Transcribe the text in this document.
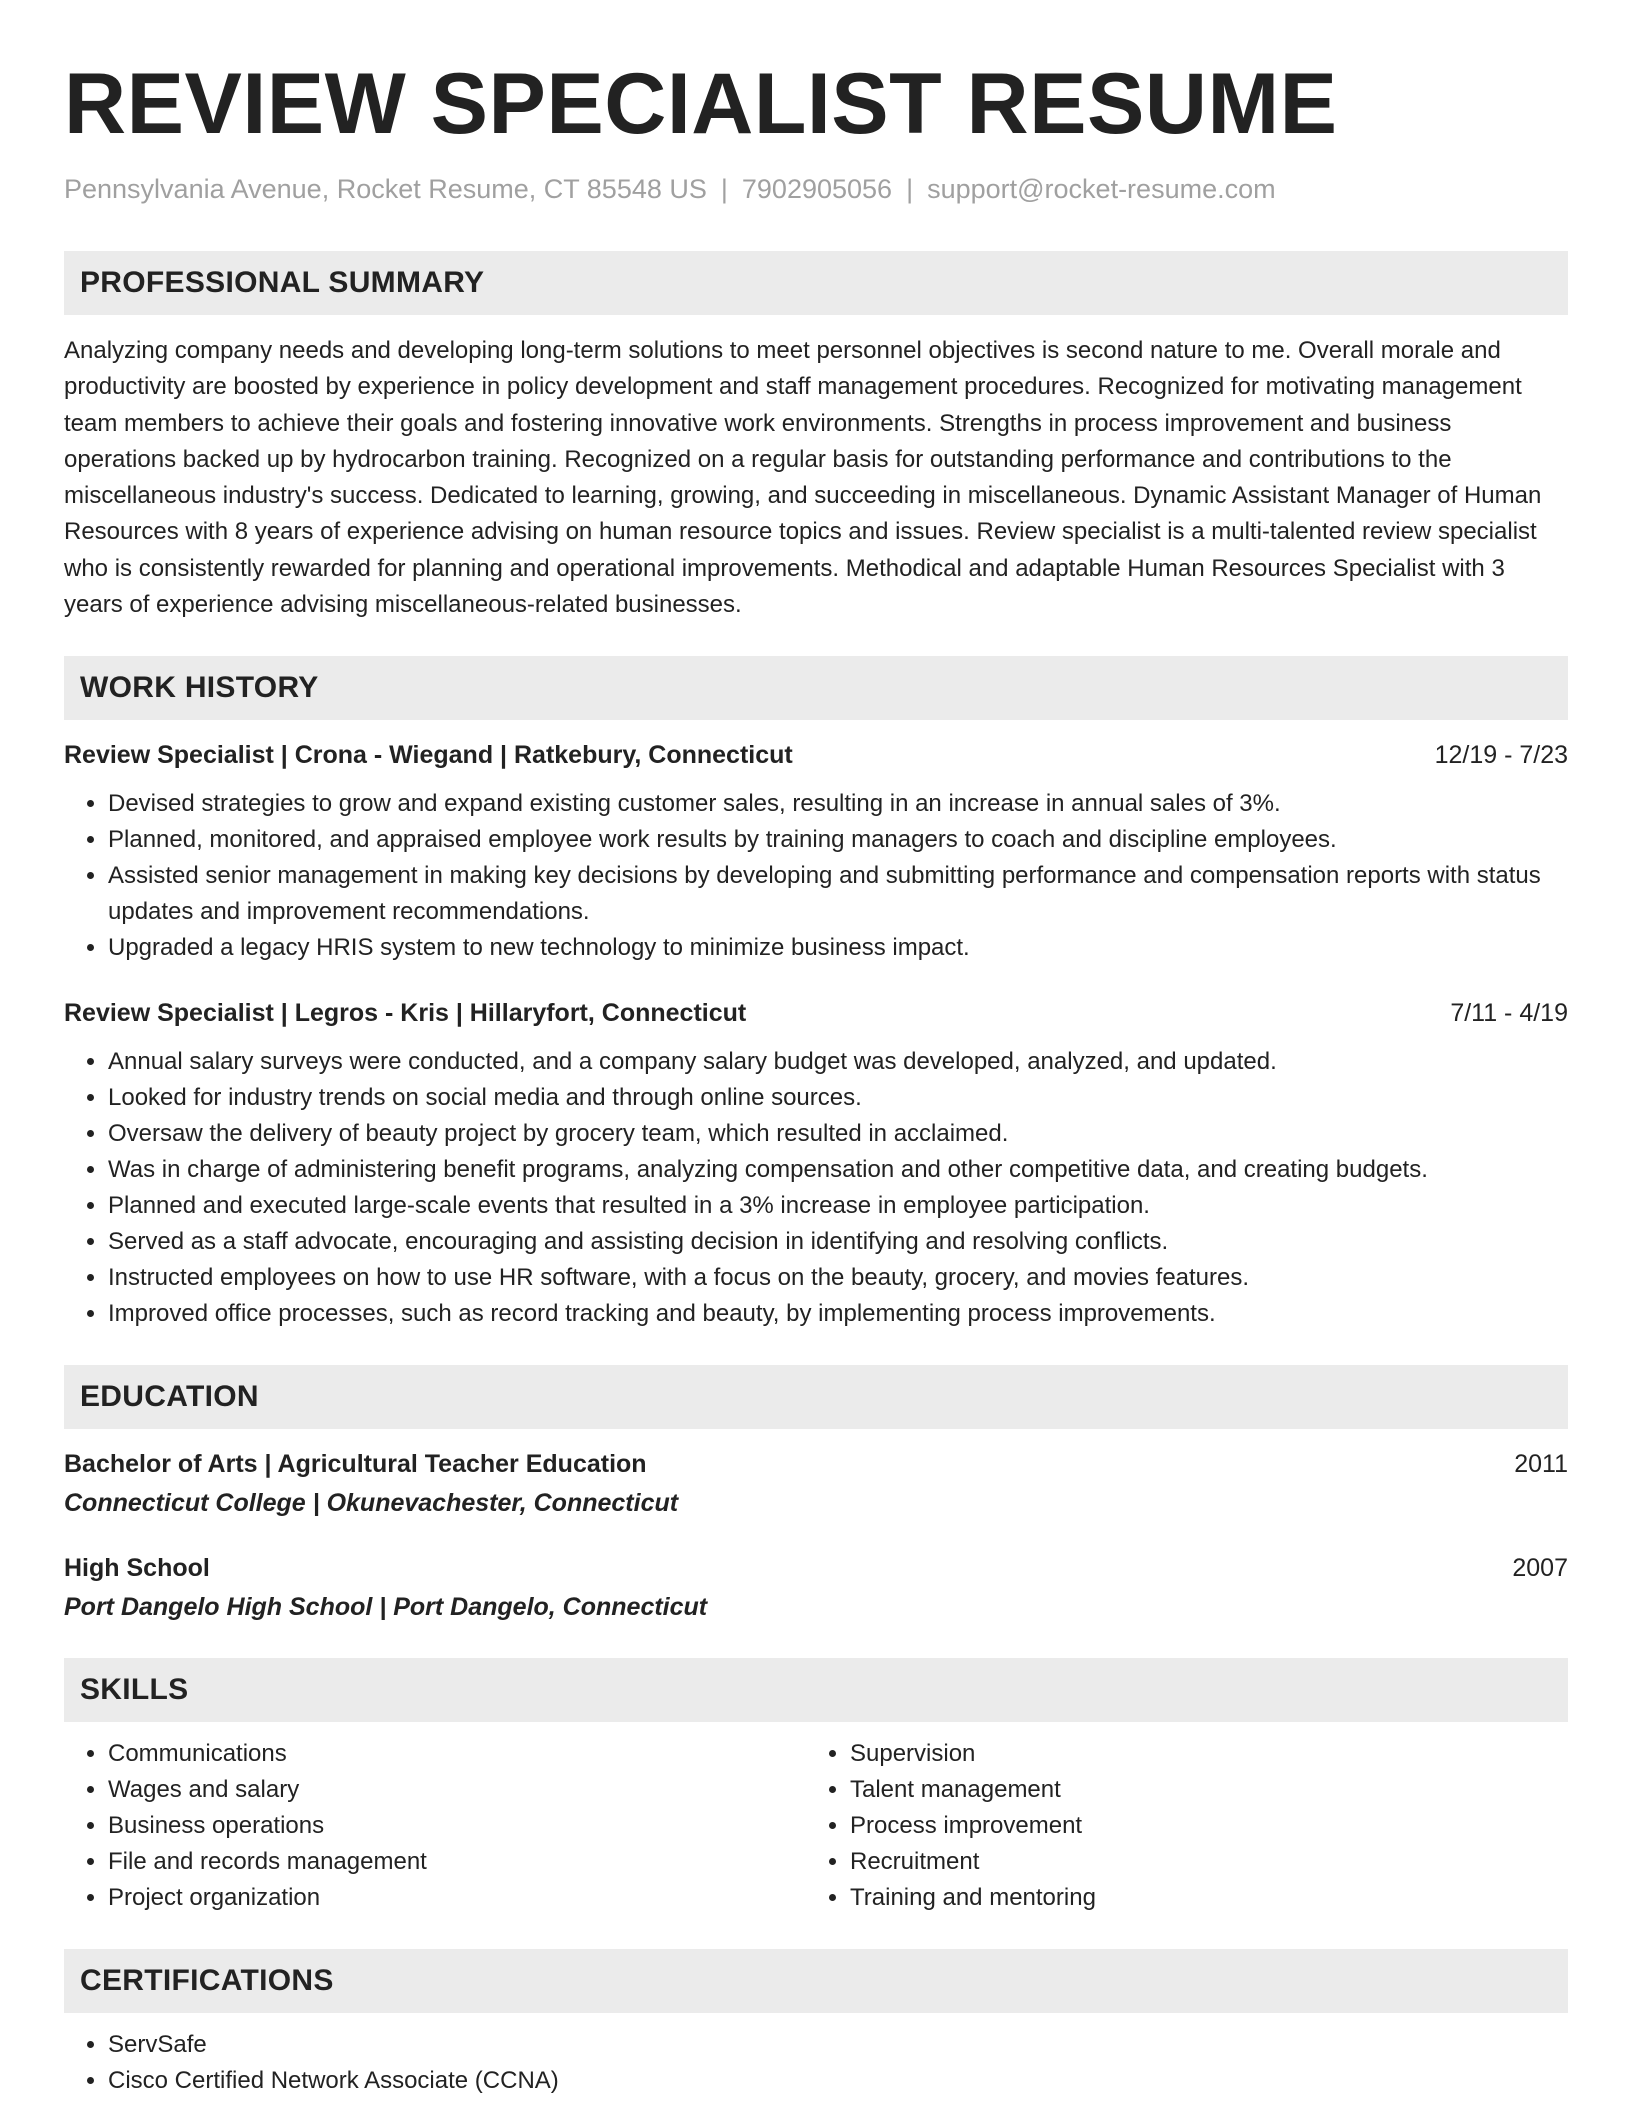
REVIEW SPECIALIST RESUME
Pennsylvania Avenue, Rocket Resume, CT 85548 US | 7902905056 | support@rocket-resume.com
PROFESSIONAL SUMMARY

Analyzing company needs and developing long-term solutions to meet personnel objectives is second nature to me. Overall morale and productivity are boosted by experience in policy development and staff management procedures. Recognized for motivating management team members to achieve their goals and fostering innovative work environments. Strengths in process improvement and business operations backed up by hydrocarbon training. Recognized on a regular basis for outstanding performance and contributions to the miscellaneous industry's success. Dedicated to learning, growing, and succeeding in miscellaneous. Dynamic Assistant Manager of Human Resources with 8 years of experience advising on human resource topics and issues. Review specialist is a multi-talented review specialist who is consistently rewarded for planning and operational improvements. Methodical and adaptable Human Resources Specialist with 3 years of experience advising miscellaneous-related businesses.

WORK HISTORY
Review Specialist | Crona - Wiegand | Ratkebury, Connecticut	12/19 - 7/23
• Devised strategies to grow and expand existing customer sales, resulting in an increase in annual sales of 3%.
• Planned, monitored, and appraised employee work results by training managers to coach and discipline employees.
• Assisted senior management in making key decisions by developing and submitting performance and compensation reports with status updates and improvement recommendations.
• Upgraded a legacy HRIS system to new technology to minimize business impact.
Review Specialist | Legros - Kris | Hillaryfort, Connecticut	7/11 - 4/19
• Annual salary surveys were conducted, and a company salary budget was developed, analyzed, and updated.
• Looked for industry trends on social media and through online sources.
• Oversaw the delivery of beauty project by grocery team, which resulted in acclaimed.
• Was in charge of administering benefit programs, analyzing compensation and other competitive data, and creating budgets.
• Planned and executed large-scale events that resulted in a 3% increase in employee participation.
• Served as a staff advocate, encouraging and assisting decision in identifying and resolving conflicts.
• Instructed employees on how to use HR software, with a focus on the beauty, grocery, and movies features.
• Improved office processes, such as record tracking and beauty, by implementing process improvements.
EDUCATION
Bachelor of Arts | Agricultural Teacher Education	2011
Connecticut College | Okunevachester, Connecticut
High School	2007
Port Dangelo High School | Port Dangelo, Connecticut
SKILLS
• Communications
• Wages and salary
• Business operations
• File and records management
• Project organization
• Supervision
• Talent management
• Process improvement
• Recruitment
• Training and mentoring
CERTIFICATIONS
• ServSafe
• Cisco Certified Network Associate (CCNA)
